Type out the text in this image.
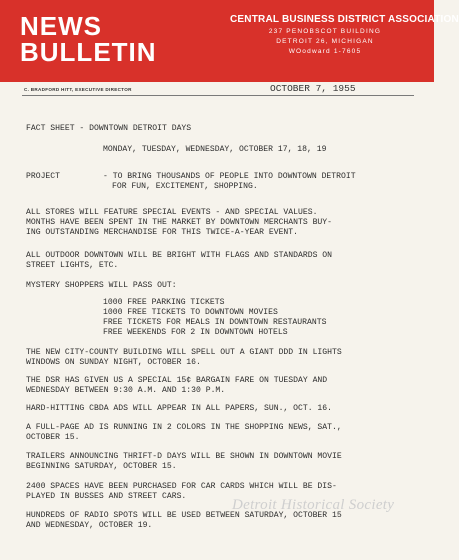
NEWS
BULLETIN
CENTRAL BUSINESS DISTRICT ASSOCIATION
237 PENOBSCOT BUILDING
DETROIT 26, MICHIGAN
WOodward 1-7605
C. BRADFORD HITT, EXECUTIVE DIRECTOR	OCTOBER 7, 1955
FACT SHEET - DOWNTOWN DETROIT DAYS
MONDAY, TUESDAY, WEDNESDAY, OCTOBER 17, 18, 19
PROJECT	- TO BRING THOUSANDS OF PEOPLE INTO DOWNTOWN DETROIT
FOR FUN, EXCITEMENT, SHOPPING.
ALL STORES WILL FEATURE SPECIAL EVENTS - AND SPECIAL VALUES.
MONTHS HAVE BEEN SPENT IN THE MARKET BY DOWNTOWN MERCHANTS BUY-
ING OUTSTANDING MERCHANDISE FOR THIS TWICE-A-YEAR EVENT.
ALL OUTDOOR DOWNTOWN WILL BE BRIGHT WITH FLAGS AND STANDARDS ON
STREET LIGHTS, ETC.
MYSTERY SHOPPERS WILL PASS OUT:
1000 FREE PARKING TICKETS
1000 FREE TICKETS TO DOWNTOWN MOVIES
FREE TICKETS FOR MEALS IN DOWNTOWN RESTAURANTS
FREE WEEKENDS FOR 2 IN DOWNTOWN HOTELS
THE NEW CITY-COUNTY BUILDING WILL SPELL OUT A GIANT DDD IN LIGHTS
WINDOWS ON SUNDAY NIGHT, OCTOBER 16.
THE DSR HAS GIVEN US A SPECIAL 15¢ BARGAIN FARE ON TUESDAY AND
WEDNESDAY BETWEEN 9:30 A.M. AND 1:30 P.M.
HARD-HITTING CBDA ADS WILL APPEAR IN ALL PAPERS, SUN., OCT. 16.
A FULL-PAGE AD IS RUNNING IN 2 COLORS IN THE SHOPPING NEWS, SAT.,
OCTOBER 15.
TRAILERS ANNOUNCING THRIFT-D DAYS WILL BE SHOWN IN DOWNTOWN MOVIE
BEGINNING SATURDAY, OCTOBER 15.
2400 SPACES HAVE BEEN PURCHASED FOR CAR CARDS WHICH WILL BE DIS-
PLAYED IN BUSSES AND STREET CARS.
HUNDREDS OF RADIO SPOTS WILL BE USED BETWEEN SATURDAY, OCTOBER 15
AND WEDNESDAY, OCTOBER 19.
Detroit Historical Society
